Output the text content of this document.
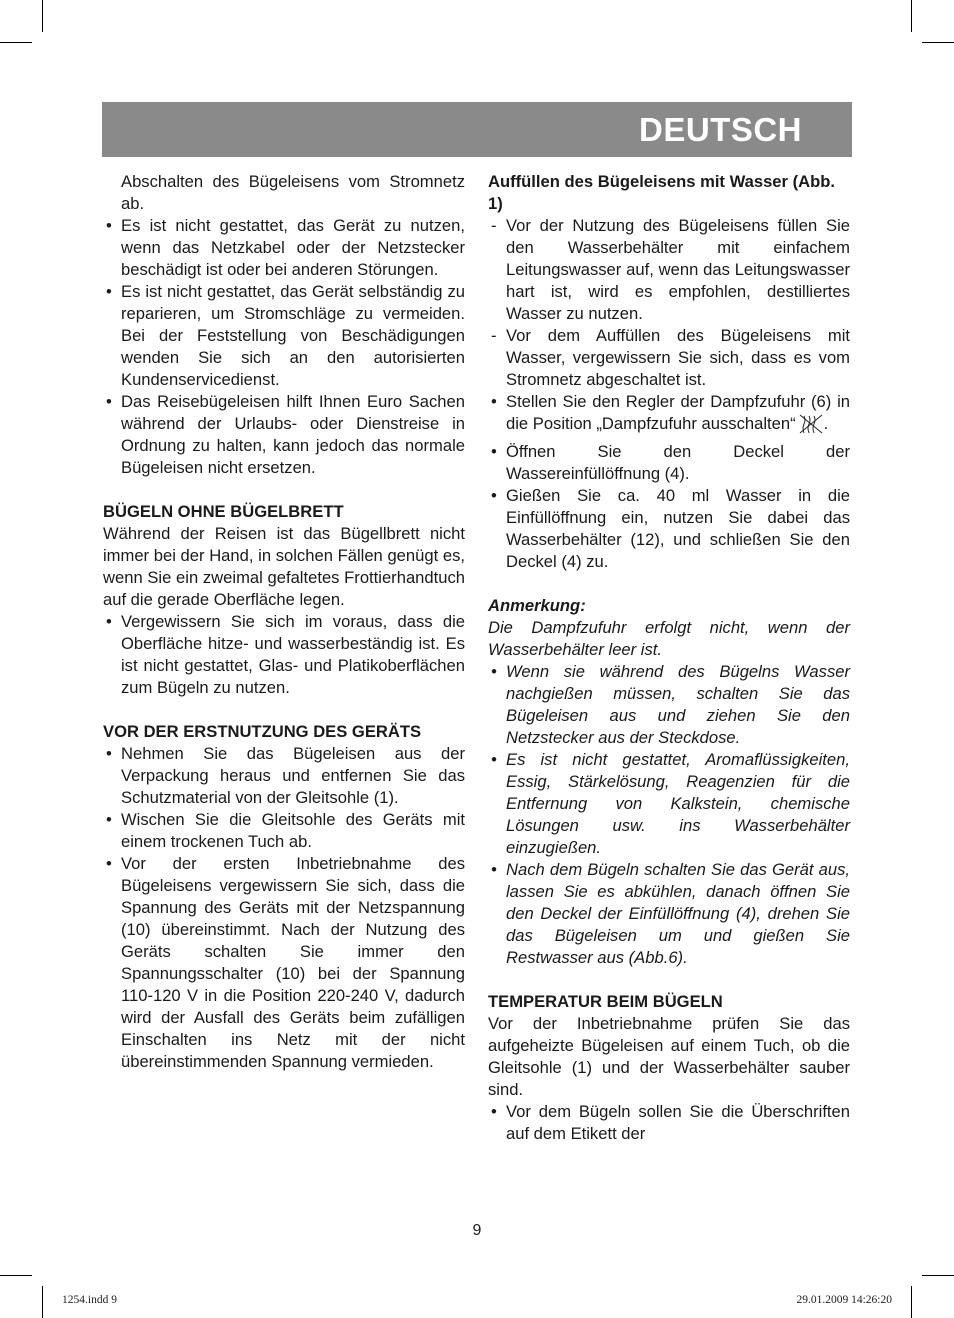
DEUTSCH

Abschalten des Bügeleisens vom Stromnetz ab.

• Es ist nicht gestattet, das Gerät zu nutzen, wenn das Netzkabel oder der Netzstecker beschädigt ist oder bei anderen Störungen.
• Es ist nicht gestattet, das Gerät selbständig zu reparieren, um Stromschläge zu vermeiden. Bei der Feststellung von Beschädigungen wenden Sie sich an den autorisierten Kundenservicedienst.
• Das Reisebügeleisen hilft Ihnen Euro Sachen während der Urlaubs- oder Dienstreise in Ordnung zu halten, kann jedoch das normale Bügeleisen nicht ersetzen.

BÜGELN OHNE BÜGELBRETT

Während der Reisen ist das Bügellbrett nicht immer bei der Hand, in solchen Fällen genügt es, wenn Sie ein zweimal gefaltetes Frottierhandtuch auf die gerade Oberfläche legen.

• Vergewissern Sie sich im voraus, dass die Oberfläche hitze- und wasserbeständig ist. Es ist nicht gestattet, Glas- und Platikoberflächen zum Bügeln zu nutzen.

VOR DER ERSTNUTZUNG DES GERÄTS

• Nehmen Sie das Bügeleisen aus der Verpackung heraus und entfernen Sie das Schutzmaterial von der Gleitsohle (1).
• Wischen Sie die Gleitsohle des Geräts mit einem trockenen Tuch ab.
• Vor der ersten Inbetriebnahme des Bügeleisens vergewissern Sie sich, dass die Spannung des Geräts mit der Netzspannung (10) übereinstimmt. Nach der Nutzung des Geräts schalten Sie immer den Spannungsschalter (10) bei der Spannung 110-120 V in die Position 220-240 V, dadurch wird der Ausfall des Geräts beim zufälligen Einschalten ins Netz mit der nicht übereinstimmenden Spannung vermieden.

Auffüllen des Bügeleisens mit Wasser (Abb. 1)

- Vor der Nutzung des Bügeleisens füllen Sie den Wasserbehälter mit einfachem Leitungswasser auf, wenn das Leitungswasser hart ist, wird es empfohlen, destilliertes Wasser zu nutzen.
- Vor dem Auffüllen des Bügeleisens mit Wasser, vergewissern Sie sich, dass es vom Stromnetz abgeschaltet ist.
• Stellen Sie den Regler der Dampfzufuhr (6) in die Position „Dampfzufuhr ausschalten“ .
• Öffnen Sie den Deckel der Wassereinfüllöffnung (4).
• Gießen Sie ca. 40 ml Wasser in die Einfüllöffnung ein, nutzen Sie dabei das Wasserbehälter (12), und schließen Sie den Deckel (4) zu.

Anmerkung:

Die Dampfzufuhr erfolgt nicht, wenn der Wasserbehälter leer ist.

• Wenn sie während des Bügelns Wasser nachgießen müssen, schalten Sie das Bügeleisen aus und ziehen Sie den Netzstecker aus der Steckdose.
• Es ist nicht gestattet, Aromaflüssigkeiten, Essig, Stärkelösung, Reagenzien für die Entfernung von Kalkstein, chemische Lösungen usw. ins Wasserbehälter einzugießen.
• Nach dem Bügeln schalten Sie das Gerät aus, lassen Sie es abkühlen, danach öffnen Sie den Deckel der Einfüllöffnung (4), drehen Sie das Bügeleisen um und gießen Sie Restwasser aus (Abb.6).

TEMPERATUR BEIM BÜGELN

Vor der Inbetriebnahme prüfen Sie das aufgeheizte Bügeleisen auf einem Tuch, ob die Gleitsohle (1) und der Wasserbehälter sauber sind.

• Vor dem Bügeln sollen Sie die Überschriften auf dem Etikett der
9
1254.indd 9	29.01.2009 14:26:20
